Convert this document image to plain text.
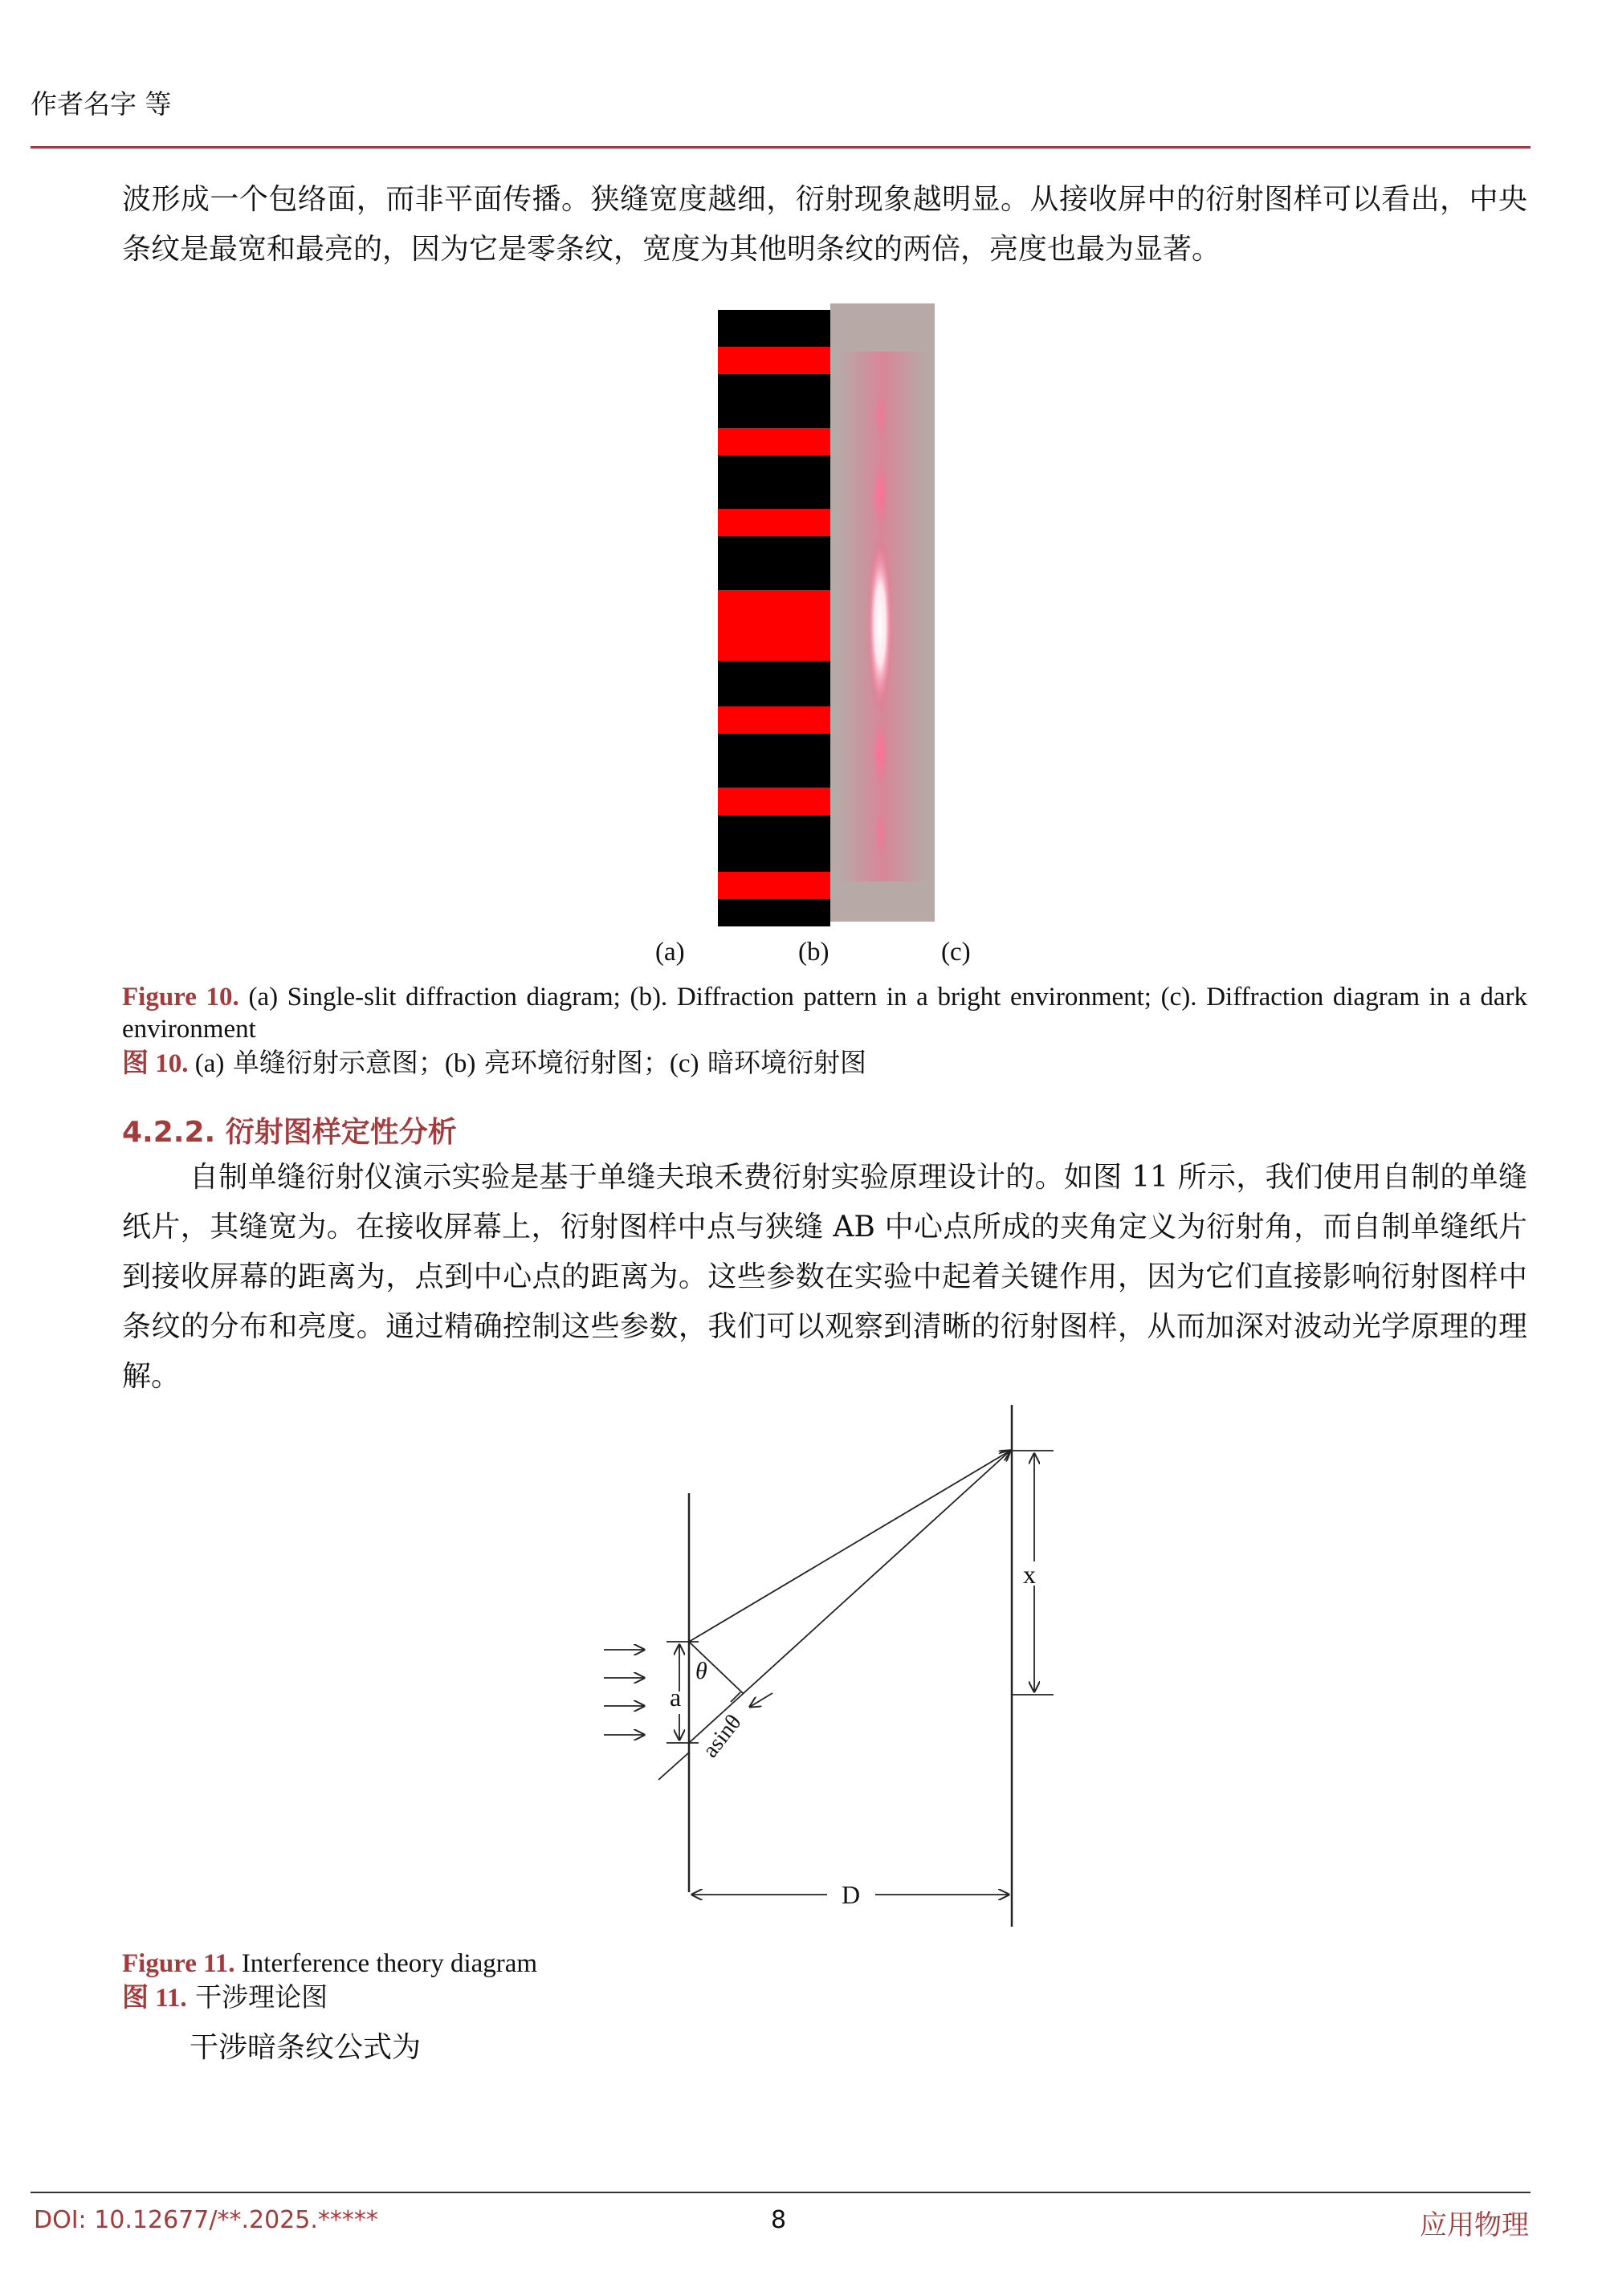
作者名字 等
波形成一个包络面，而非平面传播。狭缝宽度越细，衍射现象越明显。从接收屏中的衍射图样可以看出，中央条纹是最宽和最亮的，因为它是零条纹，宽度为其他明条纹的两倍，亮度也最为显著。
(a)	(b)	(c)
Figure 10. (a) Single-slit diffraction diagram; (b). Diffraction pattern in a bright environment; (c). Diffraction diagram in a dark environment
图 10. (a) 单缝衍射示意图；(b) 亮环境衍射图；(c) 暗环境衍射图
4.2.2. 衍射图样定性分析
自制单缝衍射仪演示实验是基于单缝夫琅禾费衍射实验原理设计的。如图 11 所示，我们使用自制的单缝纸片，其缝宽为。在接收屏幕上，衍射图样中点与狭缝 AB 中心点所成的夹角定义为衍射角，而自制单缝纸片到接收屏幕的距离为，点到中心点的距离为。这些参数在实验中起着关键作用，因为它们直接影响衍射图样中条纹的分布和亮度。通过精确控制这些参数，我们可以观察到清晰的衍射图样，从而加深对波动光学原理的理解。
x
a
θ
asinθ
D
Figure 11. Interference theory diagram
图 11. 干涉理论图
干涉暗条纹公式为
DOI: 10.12677/**.2025.*****	8	应用物理
